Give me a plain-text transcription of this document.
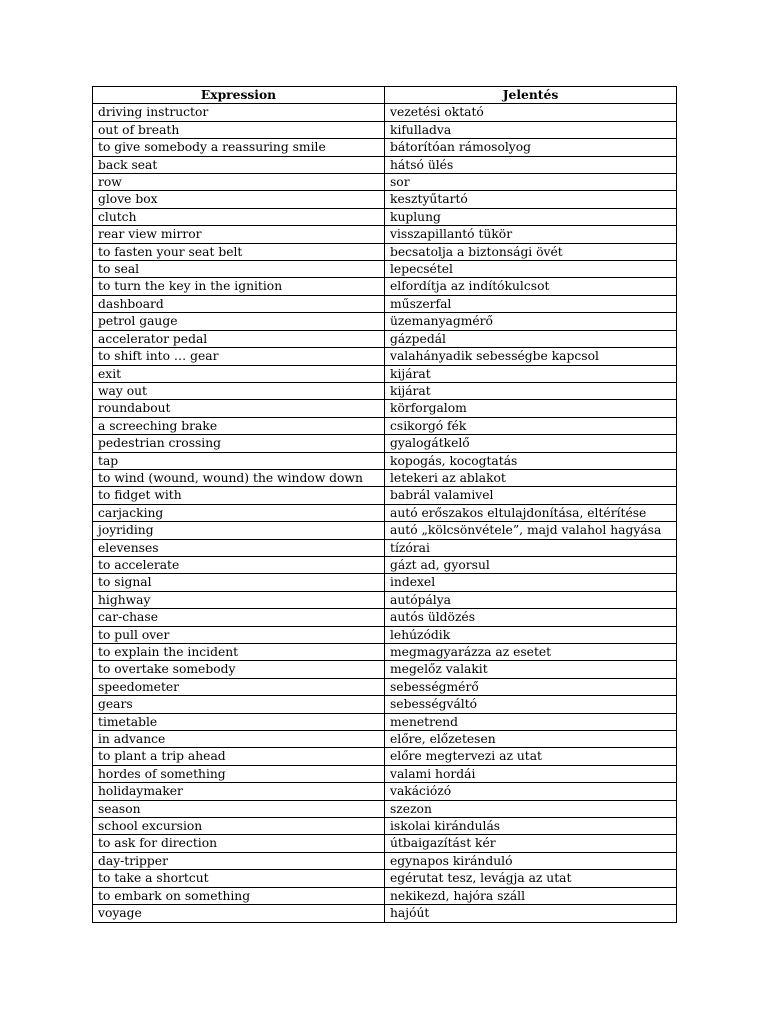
Expression	Jelentés
driving instructor	vezetési oktató
out of breath	kifulladva
to give somebody a reassuring smile	bátorítóan rámosolyog
back seat	hátsó ülés
row	sor
glove box	kesztyűtartó
clutch	kuplung
rear view mirror	visszapillantó tükör
to fasten your seat belt	becsatolja a biztonsági övét
to seal	lepecsétel
to turn the key in the ignition	elfordítja az indítókulcsot
dashboard	műszerfal
petrol gauge	üzemanyagmérő
accelerator pedal	gázpedál
to shift into … gear	valahányadik sebességbe kapcsol
exit	kijárat
way out	kijárat
roundabout	körforgalom
a screeching brake	csikorgó fék
pedestrian crossing	gyalogátkelő
tap	kopogás, kocogtatás
to wind (wound, wound) the window down	letekeri az ablakot
to fidget with	babrál valamivel
carjacking	autó erőszakos eltulajdonítása, eltérítése
joyriding	autó „kölcsönvétele”, majd valahol hagyása
elevenses	tízórai
to accelerate	gázt ad, gyorsul
to signal	indexel
highway	autópálya
car-chase	autós üldözés
to pull over	lehúzódik
to explain the incident	megmagyarázza az esetet
to overtake somebody	megelőz valakit
speedometer	sebességmérő
gears	sebességváltó
timetable	menetrend
in advance	előre, előzetesen
to plant a trip ahead	előre megtervezi az utat
hordes of something	valami hordái
holidaymaker	vakációzó
season	szezon
school excursion	iskolai kirándulás
to ask for direction	útbaigazítást kér
day-tripper	egynapos kiránduló
to take a shortcut	egérutat tesz, levágja az utat
to embark on something	nekikezd, hajóra száll
voyage	hajóút
